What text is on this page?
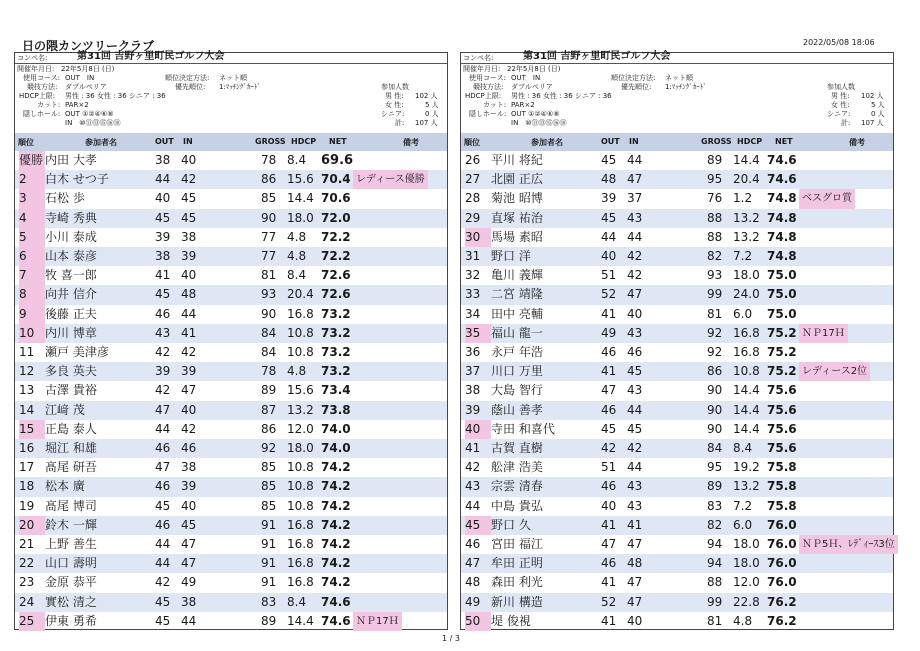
日の隈カンツリークラブ	2022/05/08 18:06
コンペ名:	第31回 吉野ヶ里町民ゴルフ大会
開催年月日: 22年5月8日 (日)
使用コース: OUT　IN	順位決定方法: ネット順
競技方法: ダブルペリア	優先順位: 1:ﾏｯﾁﾝｸﾞｶｰﾄﾞ
HDCP上限: 男性 : 36 女性 : 36 シニア : 36
カット: PAR×2
隠しホール: OUT ①②④⑥⑧
IN　⑩⑪⑬⑮⑯⑱
参加人数
男 性: 102 人
女 性:	5 人
シニア:	0 人
計: 107 人
順位	参加者名	OUT IN	GROSS HDCP NET	備考
優勝 内田 大孝	38 40	78 8.4 69.6
2	白木 せつ子	44 42	86 15.6 70.4 レディース優勝
3	石松 歩	40 45	85 14.4 70.6
4	寺崎 秀典	45 45	90 18.0 72.0
5	小川 泰成	39 38	77 4.8 72.2
6	山本 泰彦	38 39	77 4.8 72.2
7	牧 喜一郎	41 40	81 8.4 72.6
8	向井 信介	45 48	93 20.4 72.6
9	後藤 正夫	46 44	90 16.8 73.2
10 内川 博章	43 41	84 10.8 73.2
11 瀬戸 美津彦	42 42	84 10.8 73.2
12 多良 英夫	39 39	78 4.8 73.2
13 古澤 貴裕	42 47	89 15.6 73.4
14 江﨑 茂	47 40	87 13.2 73.8
15 正島 泰人	44 42	86 12.0 74.0
16 堀江 和雄	46 46	92 18.0 74.0
17 髙尾 研吾	47 38	85 10.8 74.2
18 松本 廣	46 39	85 10.8 74.2
19 髙尾 博司	45 40	85 10.8 74.2
20 鈴木 一輝	46 45	91 16.8 74.2
21 上野 善生	44 47	91 16.8 74.2
22 山口 壽明	44 47	91 16.8 74.2
23 金原 恭平	42 49	91 16.8 74.2
24 實松 清之	45 38	83 8.4 74.6
25 伊東 勇希	45 44	89 14.4 74.6 ＮＰ17Ｈ
コンペ名:	第31回 吉野ヶ里町民ゴルフ大会
開催年月日: 22年5月8日 (日)
使用コース: OUT　IN	順位決定方法: ネット順
競技方法: ダブルペリア	優先順位: 1:ﾏｯﾁﾝｸﾞｶｰﾄﾞ
HDCP上限: 男性 : 36 女性 : 36 シニア : 36
カット: PAR×2
隠しホール: OUT ①②④⑥⑧
IN　⑩⑪⑬⑮⑯⑱
参加人数
男 性: 102 人
女 性:	5 人
シニア:	0 人
計: 107 人
順位	参加者名	OUT IN	GROSS HDCP NET	備考
26 平川 将紀	45 44	89 14.4 74.6
27 北園 正広	48 47	95 20.4 74.6
28 菊池 昭博	39 37	76 1.2 74.8 ベスグロ賞
29 直塚 祐治	45 43	88 13.2 74.8
30 馬場 素昭	44 44	88 13.2 74.8
31 野口 洋	40 42	82 7.2 74.8
32 亀川 義輝	51 42	93 18.0 75.0
33 二宮 靖隆	52 47	99 24.0 75.0
34 田中 亮輔	41 40	81 6.0 75.0
35 福山 龍一	49 43	92 16.8 75.2 ＮＰ17Ｈ
36 永戸 年浩	46 46	92 16.8 75.2
37 川口 万里	41 45	86 10.8 75.2 レディース2位
38 大島 智行	47 43	90 14.4 75.6
39 蔭山 善孝	46 44	90 14.4 75.6
40 寺田 和喜代	45 45	90 14.4 75.6
41 古賀 直樹	42 42	84 8.4 75.6
42 舩津 浩美	51 44	95 19.2 75.8
43 宗雲 清春	46 43	89 13.2 75.8
44 中島 貴弘	40 43	83 7.2 75.8
45 野口 久	41 41	82 6.0 76.0
46 宮田 福江	47 47	94 18.0 76.0 ＮＰ5Ｈ、ﾚﾃﾞｨｰｽ3位
47 牟田 正明	46 48	94 18.0 76.0
48 森田 利光	41 47	88 12.0 76.0
49 新川 構造	52 47	99 22.8 76.2
50 堤 俊視	41 40	81 4.8 76.2
1 / 3
